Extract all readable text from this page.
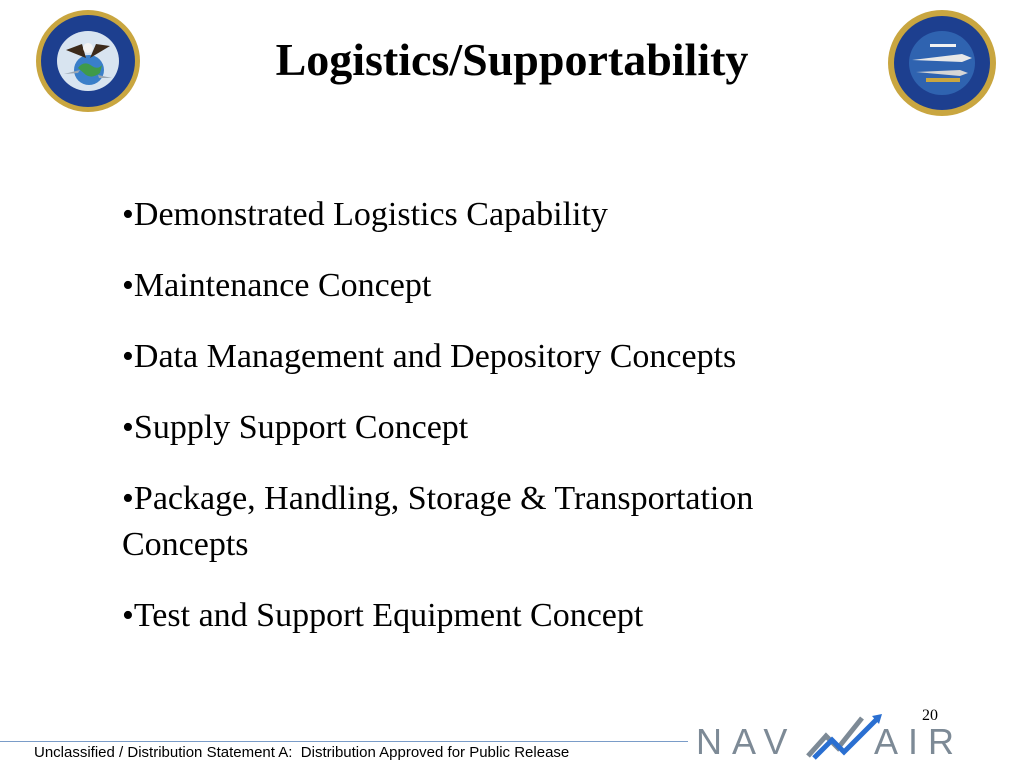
Logistics/Supportability
•Demonstrated Logistics Capability
•Maintenance Concept
•Data Management and Depository Concepts
•Supply Support Concept
•Package, Handling, Storage & Transportation Concepts
•Test and Support Equipment Concept
20
Unclassified / Distribution Statement A:  Distribution Approved for Public Release	NAV AIR
